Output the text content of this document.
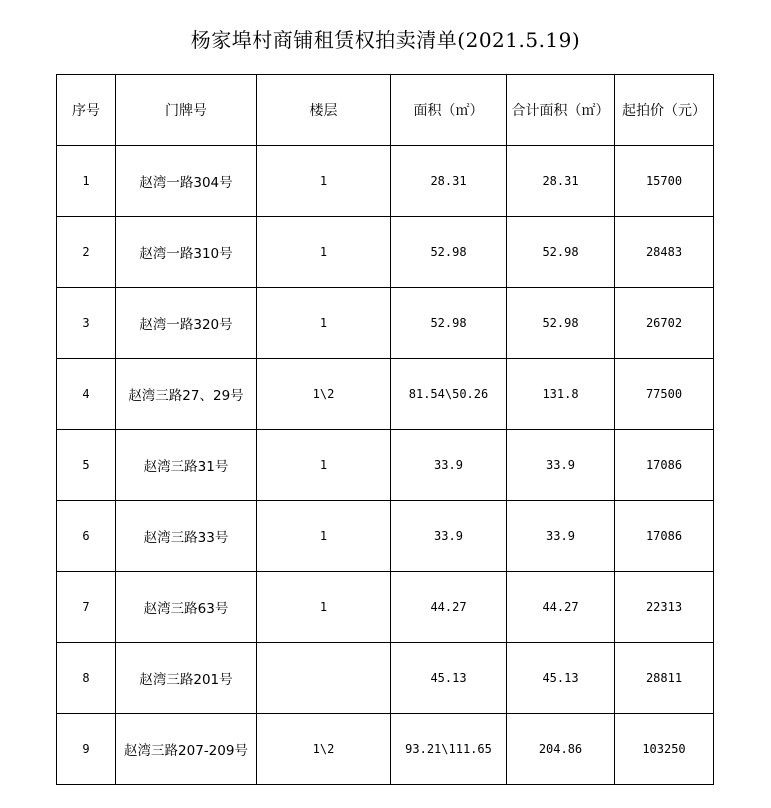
杨家埠村商铺租赁权拍卖清单(2021.5.19)
序号	门牌号	楼层	面积（㎡）	合计面积（㎡）	起拍价（元）
1	赵湾一路304号	1	28.31	28.31	15700
2	赵湾一路310号	1	52.98	52.98	28483
3	赵湾一路320号	1	52.98	52.98	26702
4	赵湾三路27、29号	1\2	81.54\50.26	131.8	77500
5	赵湾三路31号	1	33.9	33.9	17086
6	赵湾三路33号	1	33.9	33.9	17086
7	赵湾三路63号	1	44.27	44.27	22313
8	赵湾三路201号		45.13	45.13	28811
9	赵湾三路207-209号	1\2	93.21\111.65	204.86	103250
